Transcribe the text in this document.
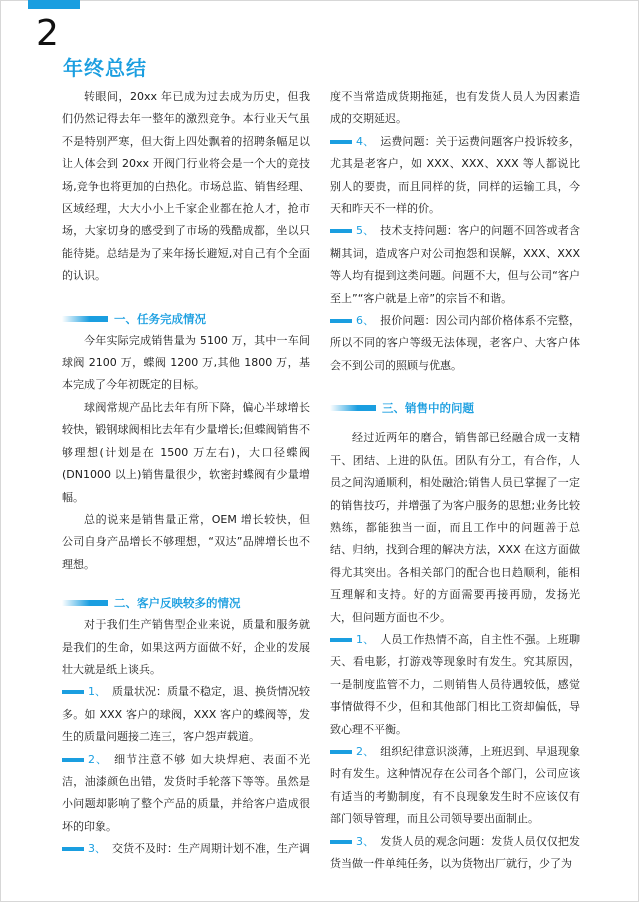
2
年终总结

转眼间，20xx 年已成为过去成为历史，但我们仍然记得去年一整年的激烈竞争。本行业天气虽不是特别严寒，但大街上四处飘着的招聘条幅足以让人体会到 20xx 开阀门行业将会是一个大的竞技场,竞争也将更加的白热化。市场总监、销售经理、区域经理，大大小小上千家企业都在抢人才，抢市场，大家切身的感受到了市场的残酷成都，坐以只能待毙。总结是为了来年扬长避短,对自己有个全面的认识。

一、任务完成情况

今年实际完成销售量为 5100 万，其中一车间球阀 2100 万，蝶阀 1200 万,其他 1800 万，基本完成了今年初既定的目标。

球阀常规产品比去年有所下降，偏心半球增长较快，锻钢球阀相比去年有少量增长;但蝶阀销售不够理想(计划是在 1500 万左右)，大口径蝶阀(DN1000 以上)销售量很少，软密封蝶阀有少量增幅。

总的说来是销售量正常，OEM 增长较快，但公司自身产品增长不够理想，“双达”品牌增长也不理想。

二、客户反映较多的情况

对于我们生产销售型企业来说，质量和服务就是我们的生命，如果这两方面做不好，企业的发展壮大就是纸上谈兵。

1、 质量状况：质量不稳定，退、换货情况较多。如 XXX 客户的球阀，XXX 客户的蝶阀等，发生的质量问题接二连三，客户怨声载道。

2、 细节注意不够 如大块焊疤、表面不光洁，油漆颜色出错，发货时手轮落下等等。虽然是小问题却影响了整个产品的质量，并给客户造成很坏的印象。

3、 交货不及时：生产周期计划不准，生产调

度不当常造成货期拖延，也有发货人员人为因素造成的交期延迟。

4、 运费问题：关于运费问题客户投诉较多，尤其是老客户，如 XXX、XXX、XXX 等人都说比别人的要贵，而且同样的货，同样的运输工具，今天和昨天不一样的价。

5、 技术支持问题：客户的问题不回答或者含糊其词，造成客户对公司抱怨和误解，XXX、XXX 等人均有提到这类问题。问题不大，但与公司“客户至上”“客户就是上帝”的宗旨不和谐。

6、 报价问题：因公司内部价格体系不完整，所以不同的客户等级无法体现，老客户、大客户体会不到公司的照顾与优惠。

三、销售中的问题

经过近两年的磨合，销售部已经融合成一支精干、团结、上进的队伍。团队有分工，有合作，人员之间沟通顺利，相处融洽;销售人员已掌握了一定的销售技巧，并增强了为客户服务的思想;业务比较熟练，都能独当一面，而且工作中的问题善于总结、归纳，找到合理的解决方法，XXX 在这方面做得尤其突出。各相关部门的配合也日趋顺利，能相互理解和支持。好的方面需要再接再励，发扬光大，但问题方面也不少。

1、 人员工作热情不高，自主性不强。上班聊天、看电影，打游戏等现象时有发生。究其原因，一是制度监管不力，二则销售人员待遇较低，感觉事情做得不少，但和其他部门相比工资却偏低，导致心理不平衡。

2、 组织纪律意识淡薄，上班迟到、早退现象时有发生。这种情况存在公司各个部门，公司应该有适当的考勤制度，有不良现象发生时不应该仅有部门领导管理，而且公司领导要出面制止。

3、 发货人员的观念问题：发货人员仅仅把发货当做一件单纯任务，以为货物出厂就行，少了为
